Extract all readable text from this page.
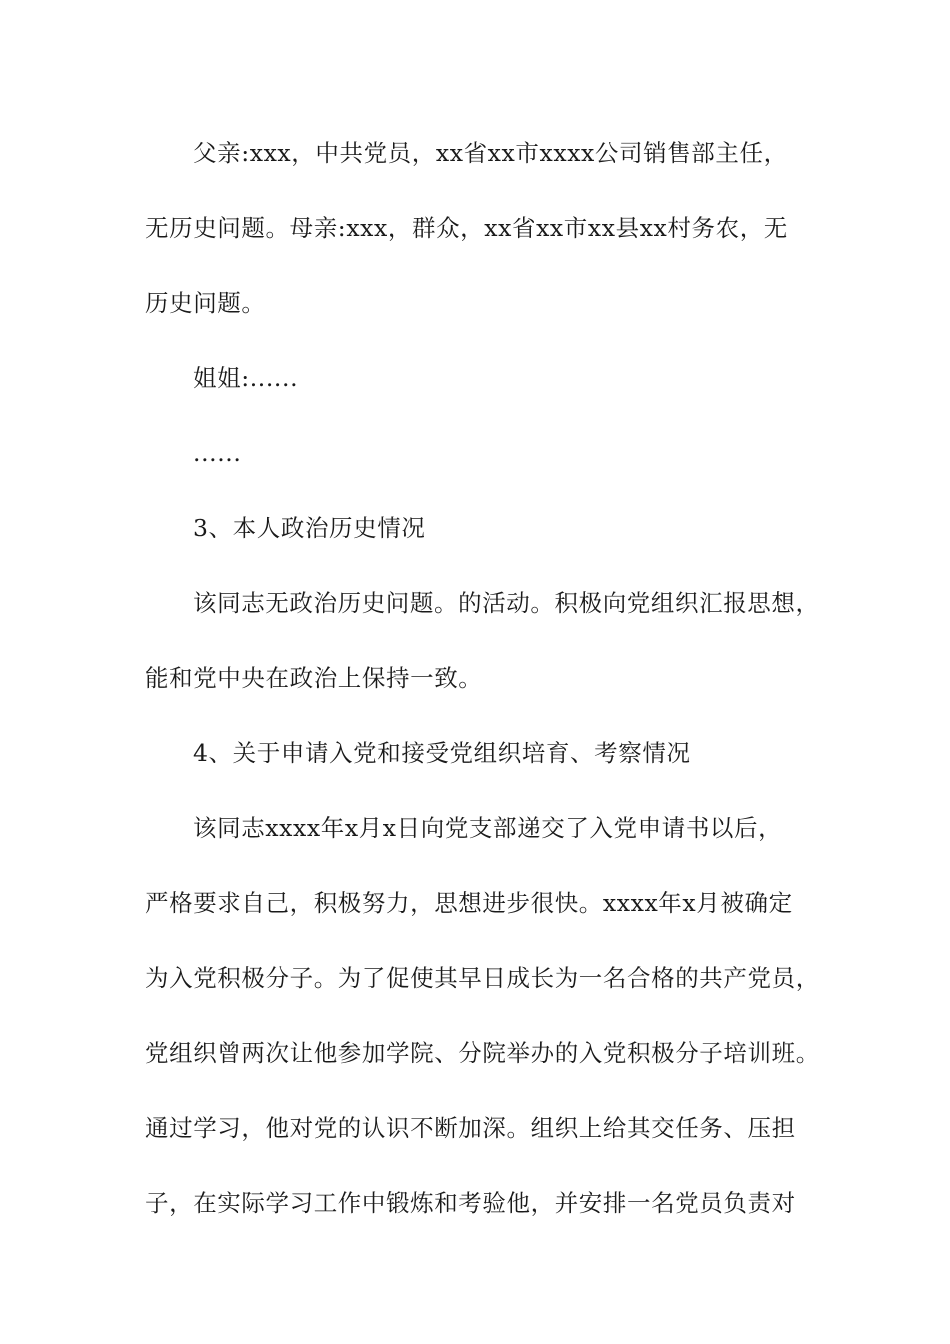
父亲:xxx，中共党员，xx省xx市xxxx公司销售部主任，
无历史问题。母亲:xxx，群众，xx省xx市xx县xx村务农，无
历史问题。
姐姐:......
......
3、本人政治历史情况
该同志无政治历史问题。的活动。积极向党组织汇报思想，
能和党中央在政治上保持一致。
4、关于申请入党和接受党组织培育、考察情况
该同志xxxx年x月x日向党支部递交了入党申请书以后，
严格要求自己，积极努力，思想进步很快。xxxx年x月被确定
为入党积极分子。为了促使其早日成长为一名合格的共产党员，
党组织曾两次让他参加学院、分院举办的入党积极分子培训班。
通过学习，他对党的认识不断加深。组织上给其交任务、压担
子，在实际学习工作中锻炼和考验他，并安排一名党员负责对
